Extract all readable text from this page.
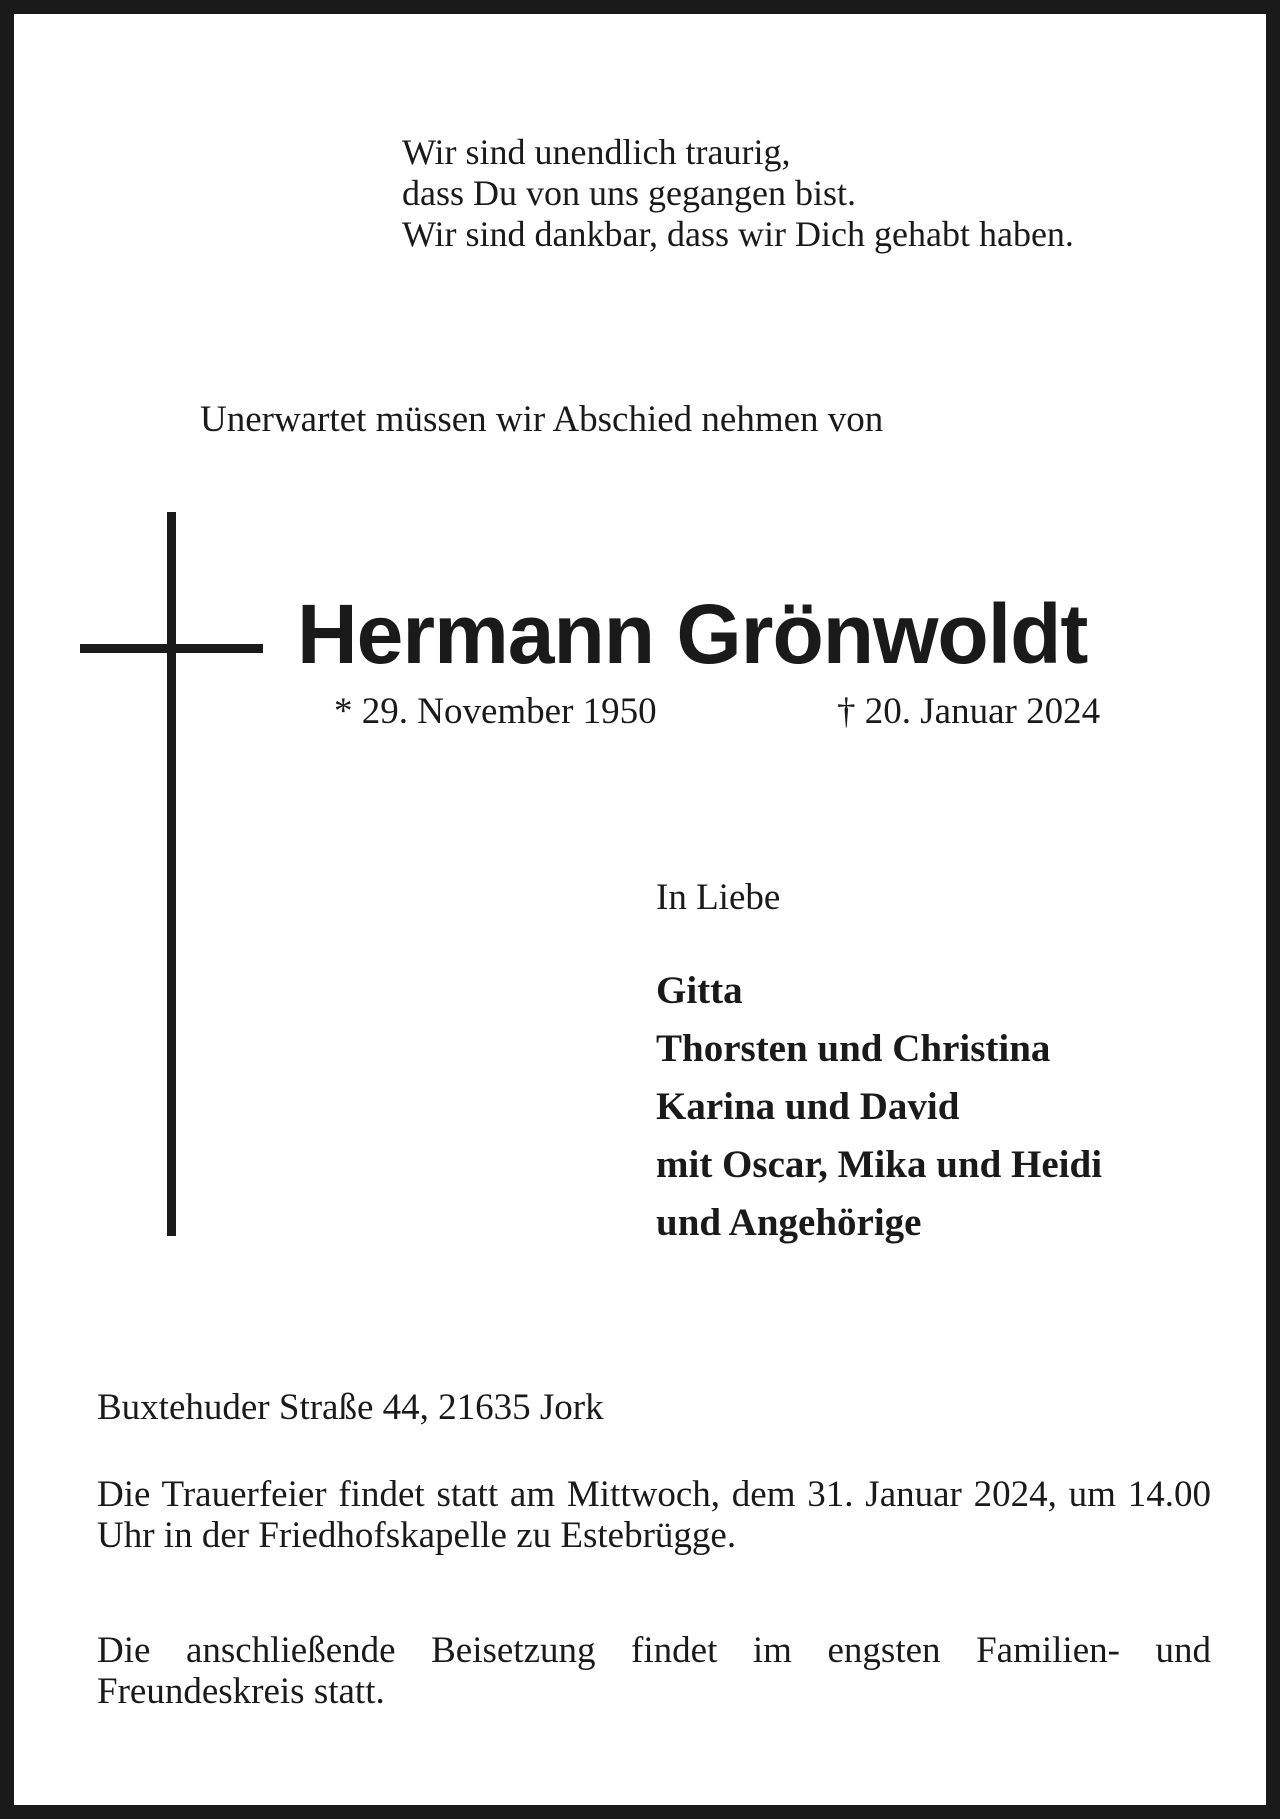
Wir sind unendlich traurig,
dass Du von uns gegangen bist.
Wir sind dankbar, dass wir Dich gehabt haben.
Unerwartet müssen wir Abschied nehmen von
Hermann Grönwoldt
* 29. November 1950	† 20. Januar 2024
In Liebe
Gitta
Thorsten und Christina
Karina und David
mit Oscar, Mika und Heidi
und Angehörige
Buxtehuder Straße 44, 21635 Jork
Die Trauerfeier findet statt am Mittwoch, dem 31. Januar 2024, um 14.00 Uhr in der Friedhofskapelle zu Estebrügge.
Die anschließende Beisetzung findet im engsten Familien- und Freundeskreis statt.
